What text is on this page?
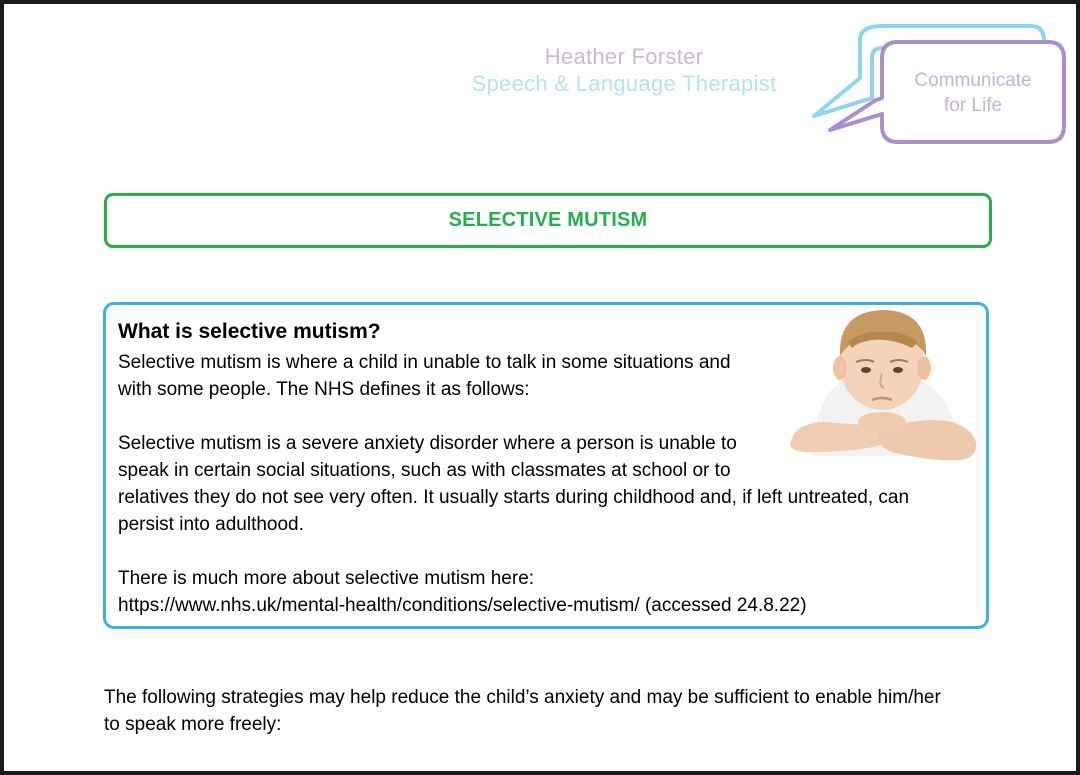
Heather Forster
Speech & Language Therapist	Communicate
for Life
SELECTIVE MUTISM
What is selective mutism?
Selective mutism is where a child in unable to talk in some situations and
with some people. The NHS defines it as follows:
Selective mutism is a severe anxiety disorder where a person is unable to
speak in certain social situations, such as with classmates at school or to
relatives they do not see very often. It usually starts during childhood and, if left untreated, can
persist into adulthood.
There is much more about selective mutism here:
https://www.nhs.uk/mental-health/conditions/selective-mutism/ (accessed 24.8.22)
The following strategies may help reduce the child’s anxiety and may be sufficient to enable him/her
to speak more freely:
